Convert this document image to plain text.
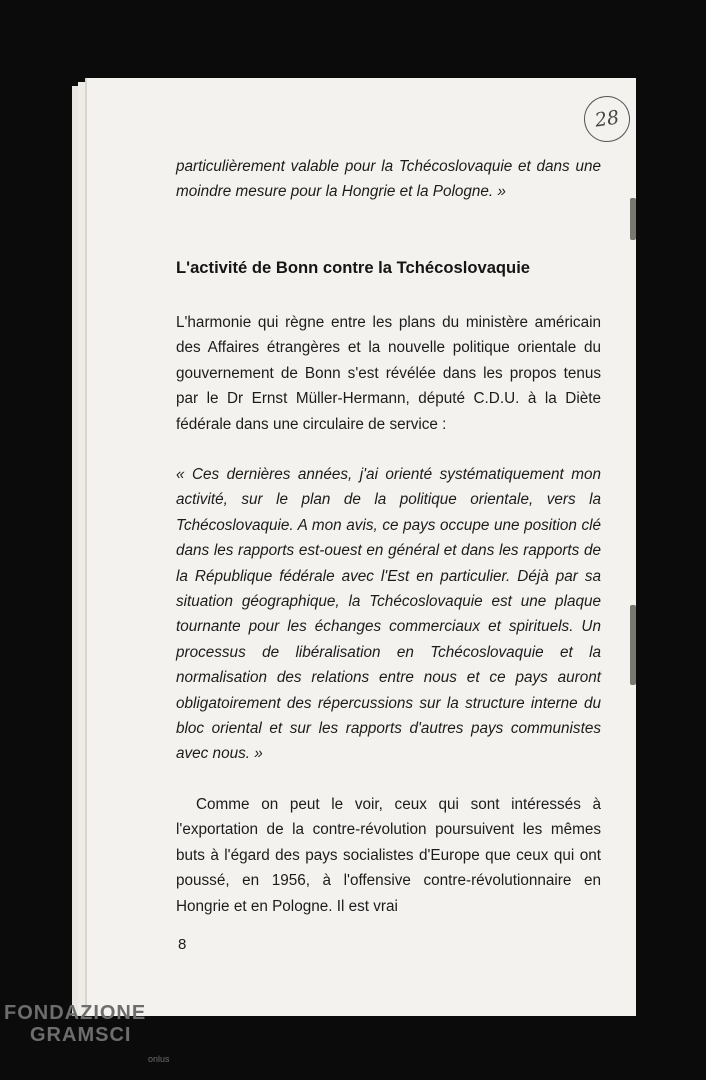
28
particulièrement valable pour la Tchécoslovaquie et dans une moindre mesure pour la Hongrie et la Pologne. »
L'activité de Bonn contre la Tchécoslovaquie
L'harmonie qui règne entre les plans du ministère américain des Affaires étrangères et la nouvelle politique orientale du gouvernement de Bonn s'est révélée dans les propos tenus par le Dr Ernst Müller-Hermann, député C.D.U. à la Diète fédérale dans une circulaire de service :
« Ces dernières années, j'ai orienté systématiquement mon activité, sur le plan de la politique orientale, vers la Tchécoslovaquie. A mon avis, ce pays occupe une position clé dans les rapports est-ouest en général et dans les rapports de la République fédérale avec l'Est en particulier. Déjà par sa situation géographique, la Tchécoslovaquie est une plaque tournante pour les échanges commerciaux et spirituels. Un processus de libéralisation en Tchécoslovaquie et la normalisation des relations entre nous et ce pays auront obligatoirement des répercussions sur la structure interne du bloc oriental et sur les rapports d'autres pays communistes avec nous. »
Comme on peut le voir, ceux qui sont intéressés à l'exportation de la contre-révolution poursuivent les mêmes buts à l'égard des pays socialistes d'Europe que ceux qui ont poussé, en 1956, à l'offensive contre-révolutionnaire en Hongrie et en Pologne. Il est vrai
8
FONDAZIONE
GRAMSCI
onlus
